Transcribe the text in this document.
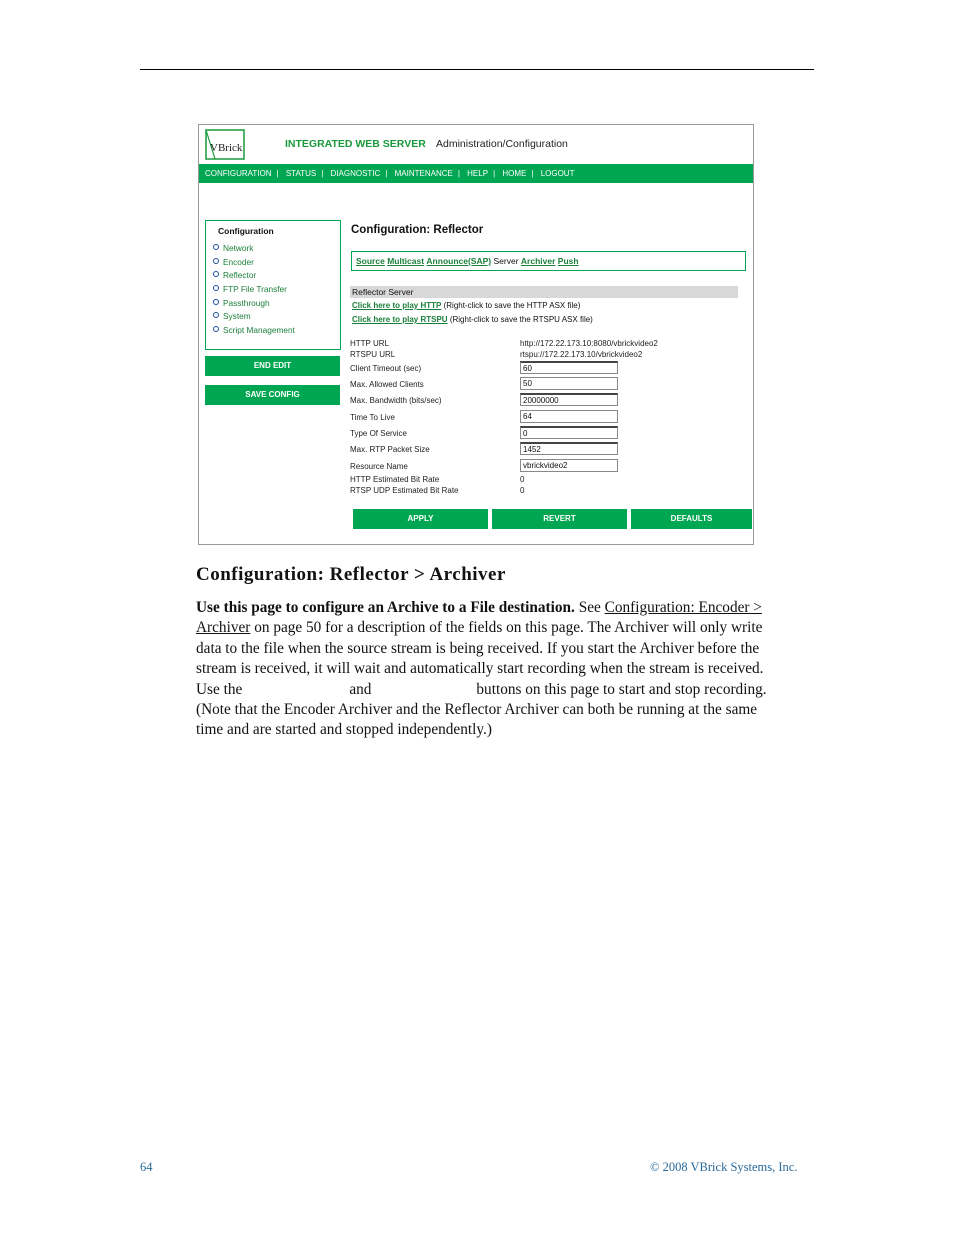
VBrick	INTEGRATED WEB SERVER Administration/Configuration
CONFIGURATION | STATUS | DIAGNOSTIC | MAINTENANCE | HELP | HOME | LOGOUT
Configuration
Network
Encoder
Reflector
FTP File Transfer
Passthrough
System
Script Management
END EDIT
SAVE CONFIG
Configuration: Reflector
Source Multicast Announce(SAP) Server Archiver Push
Reflector Server
Click here to play HTTP (Right-click to save the HTTP ASX file)
Click here to play RTSPU (Right-click to save the RTSPU ASX file)
HTTP URL	http://172.22.173.10:8080/vbrickvideo2
RTSPU URL	rtspu://172.22.173.10/vbrickvideo2
Client Timeout (sec)	60
Max. Allowed Clients	50
Max. Bandwidth (bits/sec)	20000000
Time To Live	64
Type Of Service	0
Max. RTP Packet Size	1452
Resource Name	vbrickvideo2
HTTP Estimated Bit Rate	0
RTSP UDP Estimated Bit Rate	0
APPLY	REVERT	DEFAULTS
Configuration: Reflector > Archiver
Use this page to configure an Archive to a File destination. See Configuration: Encoder >
Archiver on page 50 for a description of the fields on this page. The Archiver will only write
data to the file when the source stream is being received. If you start the Archiver before the
stream is received, it will wait and automatically start recording when the stream is received.
Use the	and	buttons on this page to start and stop recording.
(Note that the Encoder Archiver and the Reflector Archiver can both be running at the same
time and are started and stopped independently.)
64	© 2008 VBrick Systems, Inc.
